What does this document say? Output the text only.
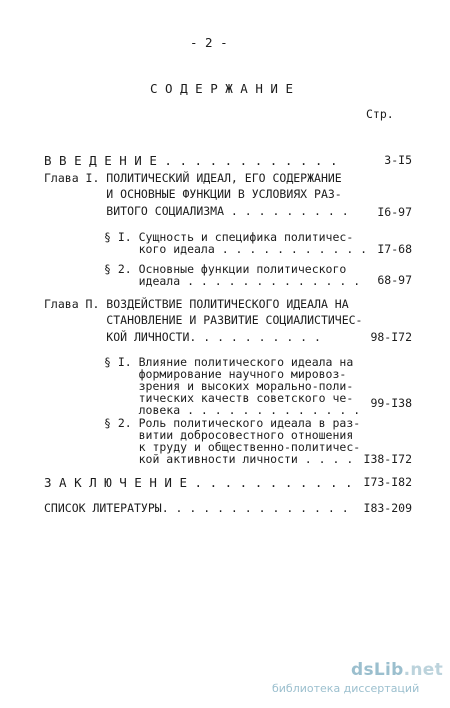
- 2 -
С О Д Е Р Ж А Н И Е
Стр.
В В Е Д Е Н И Е . . . . . . . . . . . .	3-I5
Глава I. ПОЛИТИЧЕСКИЙ ИДЕАЛ, ЕГО СОДЕРЖАНИЕ
И ОСНОВНЫЕ ФУНКЦИИ В УСЛОВИЯХ РАЗ-
ВИТОГО СОЦИАЛИЗМА . . . . . . . . . I6-97
§ I. Сущность и специфика политичес-
кого идеала . . . . . . . . . . . I7-68
§ 2. Основные функции политического
идеала . . . . . . . . . . . . . 68-97
Глава П. ВОЗДЕЙСТВИЕ ПОЛИТИЧЕСКОГО ИДЕАЛА НА
СТАНОВЛЕНИЕ И РАЗВИТИЕ СОЦИАЛИСТИЧЕС-
КОЙ ЛИЧНОСТИ. . . . . . . . . .	98-I72
§ I. Влияние политического идеала на
формирование научного мировоз-
зрения и высоких морально-поли-
тических качеств советского че-
ловека . . . . . . . . . . . . . 99-I38
§ 2. Роль политического идеала в раз-
витии добросовестного отношения
к труду и общественно-политичес-
кой активности личности . . . . I38-I72
З А К Л Ю Ч Е Н И Е . . . . . . . . . . . I73-I82
СПИСОК ЛИТЕРАТУРЫ. . . . . . . . . . . . . . I83-209
dsLib.net
библиотека диссертаций
